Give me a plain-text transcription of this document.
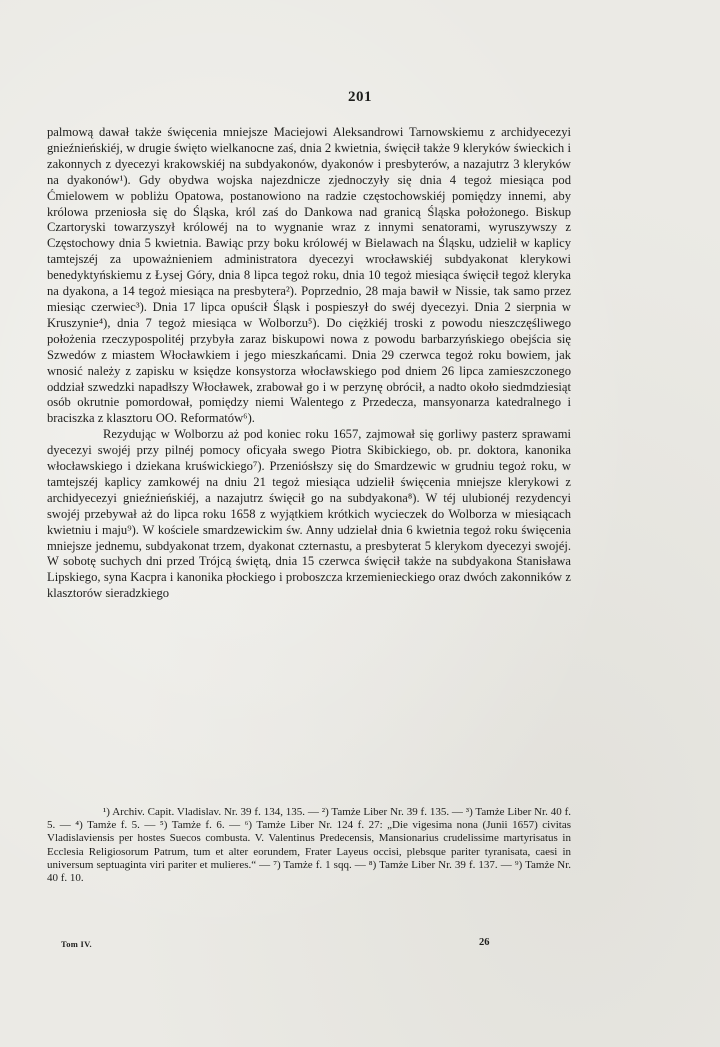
201

palmową dawał także święcenia mniejsze Maciejowi Aleksandrowi Tarnowskiemu z archidyecezyi gnieźnieńskiéj, w drugie święto wielkanocne zaś, dnia 2 kwietnia, święcił także 9 kleryków świeckich i zakonnych z dyecezyi krakowskiéj na subdyakonów, dyakonów i presbyterów, a nazajutrz 3 kleryków na dyakonów¹). Gdy obydwa wojska najezdnicze zjednoczyły się dnia 4 tegoż miesiąca pod Ćmielowem w pobliżu Opatowa, postanowiono na radzie częstochowskiéj pomiędzy innemi, aby królowa przeniosła się do Śląska, król zaś do Dankowa nad granicą Śląska położonego. Biskup Czartoryski towarzyszył królowéj na to wygnanie wraz z innymi senatorami, wyruszywszy z Częstochowy dnia 5 kwietnia. Bawiąc przy boku królowéj w Bielawach na Śląsku, udzielił w kaplicy tamtejszéj za upoważnieniem administratora dyecezyi wrocławskiéj subdyakonat klerykowi benedyktyńskiemu z Łysej Góry, dnia 8 lipca tegoż roku, dnia 10 tegoż miesiąca święcił tegoż kleryka na dyakona, a 14 tegoż miesiąca na presbytera²). Poprzednio, 28 maja bawił w Nissie, tak samo przez miesiąc czerwiec³). Dnia 17 lipca opuścił Śląsk i pospieszył do swéj dyecezyi. Dnia 2 sierpnia w Kruszynie⁴), dnia 7 tegoż miesiąca w Wolborzu⁵). Do ciężkiéj troski z powodu nieszczęśliwego położenia rzeczypospolitéj przybyła zaraz biskupowi nowa z powodu barbarzyńskiego obejścia się Szwedów z miastem Włocławkiem i jego mieszkańcami. Dnia 29 czerwca tegoż roku bowiem, jak wnosić należy z zapisku w księdze konsystorza włocławskiego pod dniem 26 lipca zamieszczonego oddział szwedzki napadłszy Włocławek, zrabował go i w perzynę obrócił, a nadto około siedmdziesiąt osób okrutnie pomordował, pomiędzy niemi Walentego z Przedecza, mansyonarza katedralnego i braciszka z klasztoru OO. Reformatów⁶).

Rezydując w Wolborzu aż pod koniec roku 1657, zajmował się gorliwy pasterz sprawami dyecezyi swojéj przy pilnéj pomocy oficyała swego Piotra Skibickiego, ob. pr. doktora, kanonika włocławskiego i dziekana kruświckiego⁷). Przeniósłszy się do Smardzewic w grudniu tegoż roku, w tamtejszéj kaplicy zamkowéj na dniu 21 tegoż miesiąca udzielił święcenia mniejsze klerykowi z archidyecezyi gnieźnieńskiéj, a nazajutrz święcił go na subdyakona⁸). W téj ulubionéj rezydencyi swojéj przebywał aż do lipca roku 1658 z wyjątkiem krótkich wycieczek do Wolborza w miesiącach kwietniu i maju⁹). W kościele smardzewickim św. Anny udzielał dnia 6 kwietnia tegoż roku święcenia mniejsze jednemu, subdyakonat trzem, dyakonat czternastu, a presbyterat 5 klerykom dyecezyi swojéj. W sobotę suchych dni przed Trójcą świętą, dnia 15 czerwca święcił także na subdyakona Stanisława Lipskiego, syna Kacpra i kanonika płockiego i proboszcza krzemienieckiego oraz dwóch zakonników z klasztorów sieradzkiego

¹) Archiv. Capit. Vladislav. Nr. 39 f. 134, 135. — ²) Tamże Liber Nr. 39 f. 135. — ³) Tamże Liber Nr. 40 f. 5. — ⁴) Tamże f. 5. — ⁵) Tamże f. 6. — ⁶) Tamże Liber Nr. 124 f. 27: „Die vigesima nona (Junii 1657) civitas Vladislaviensis per hostes Suecos combusta. V. Valentinus Predecensis, Mansionarius crudelissime martyrisatus in Ecclesia Religiosorum Patrum, tum et alter eorundem, Frater Layeus occisi, plebsque pariter tyranisata, caesi in universum septuaginta viri pariter et mulieres.“ — ⁷) Tamże f. 1 sqq. — ⁸) Tamże Liber Nr. 39 f. 137. — ⁹) Tamże Nr. 40 f. 10.

Tom IV.	26
